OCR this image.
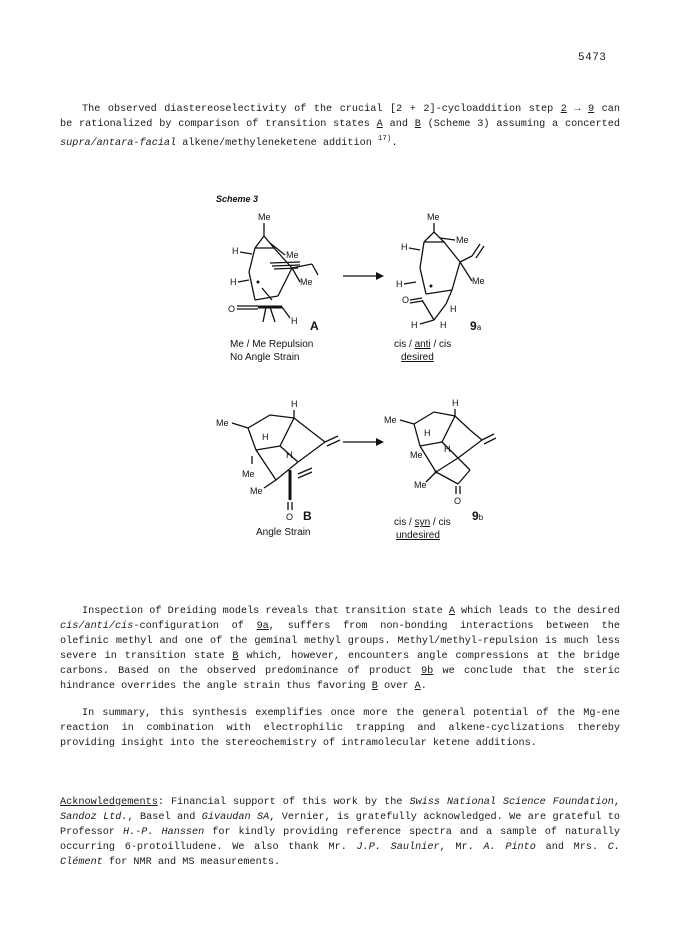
5473

The observed diastereoselectivity of the crucial [2 + 2]-cycloaddition step 2 → 9 can be rationalized by comparison of transition states A and B (Scheme 3) assuming a concerted supra/antara-facial alkene/methyleneketene addition $^{17)}$.

Scheme 3
Me
Me
H
Me
H
O
H A
Me / Me Repulsion
No Angle Strain
Me
Me
H
Me
H
O
H
H	H 9a
cis / anti / cis
desired
H
Me
H
H
Me
Me
O B
Angle Strain
H
Me
H
H
Me
Me
O
9b
cis / syn / cis
undesired

Inspection of Dreiding models reveals that transition state A which leads to the desired cis/anti/cis-configuration of 9a, suffers from non-bonding interactions between the olefinic methyl and one of the geminal methyl groups. Methyl/methyl-repulsion is much less severe in transition state B which, however, encounters angle compressions at the bridge carbons. Based on the observed predominance of product 9b we conclude that the steric hindrance overrides the angle strain thus favoring B over A.

In summary, this synthesis exemplifies once more the general potential of the Mg-ene reaction in combination with electrophilic trapping and alkene-cyclizations thereby providing insight into the stereochemistry of intramolecular ketene additions.

Acknowledgements: Financial support of this work by the Swiss National Science Foundation, Sandoz Ltd., Basel and Givaudan SA, Vernier, is gratefully acknowledged. We are grateful to Professor H.-P. Hanssen for kindly providing reference spectra and a sample of naturally occurring 6-protoilludene. We also thank Mr. J.P. Saulnier, Mr. A. Pinto and Mrs. C. Clément for NMR and MS measurements.
